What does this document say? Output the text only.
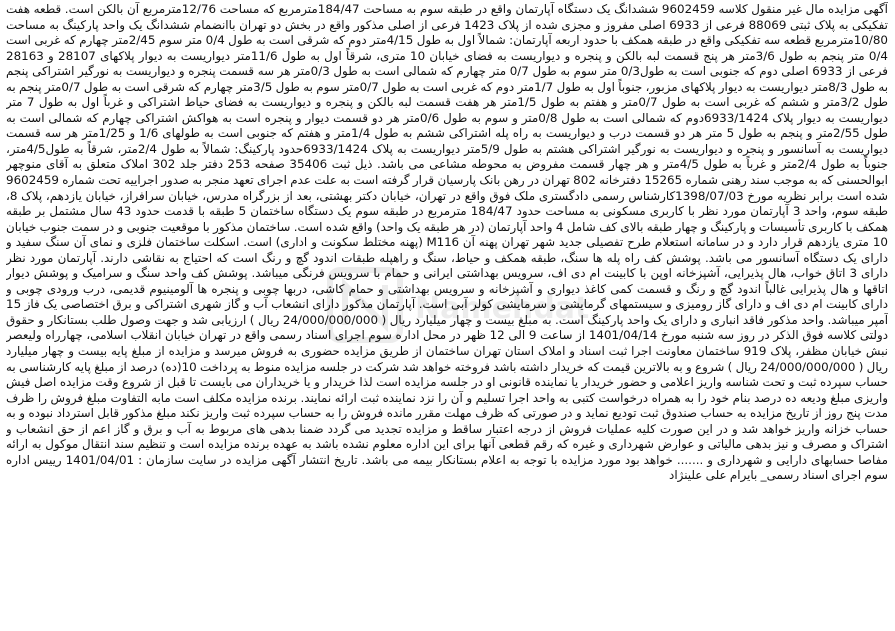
آگهی مزایده مال غیر منقول کلاسه 9602459 ششدانگ یک دستگاه آپارتمان واقع در طبقه سوم به مساحت 184/47مترمربع که مساحت 12/76مترمربع آن بالکن است. قطعه هفت تفکیکی به پلاک ثبتی 88069 فرعی از 6933 اصلی مفروز و مجزی شده از پلاک 1423 فرعی از اصلی مذکور واقع در بخش دو تهران باانضمام ششدانگ یک واحد پارکینگ به مساحت 10/80مترمربع قطعه سه تفکیکی واقع در طبقه همکف با حدود اربعه آپارتمان: شمالاً اول به طول 4/15متر دوم که شرقی است به طول 0/4 متر سوم 2/45متر چهارم که غربی است 0/4 متر پنجم به طول 3/6متر هر پنج قسمت لبه بالکن و پنجره و دیواریست به فضای خیابان 10 متری، شرقاً اول به طول 11/6متر دیواریست به دیوار پلاکهای 28107 و 28163 فرعی از 6933 اصلی دوم که جنوبی است به طول0/3 متر سوم به طول 0/7 متر چهارم که شمالی است به طول 0/3متر هر سه قسمت پنجره و دیواریست به نورگیر اشتراکی پنجم به طول 8/3متر دیواریست به دیوار پلاکهای مزبور، جنوباً اول به طول 1/7متر دوم که غربی است به طول 0/7متر سوم به طول 3/5متر چهارم که شرقی است به طول 0/7متر پنجم به طول 3/2متر و ششم که غربی است به طول 0/7متر و هفتم به طول 1/5متر هر هفت قسمت لبه بالکن و پنجره و دیواریست به فضای حیاط اشتراکی و غرباً اول به طول 7 متر دیواریست به دیوار پلاک 6933/1424دوم که شمالی است به طول 0/8متر و سوم به طول 0/6متر هر دو قسمت دیوار و پنجره است به هواکش اشتراکی چهارم که شمالی است به طول 2/55متر و پنجم به طول 5 متر هر دو قسمت درب و دیواریست به راه پله اشتراکی ششم به طول 1/4متر و هفتم که جنوبی است به طولهای 1/6 و 1/25متر هر سه قسمت دیواریست به آسانسور و پنجره و دیواریست به نورگیر اشتراکی هشتم به طول 5/9متر دیواریست به پلاک 6933/1424حدود پارکینگ: شمالاً به طول 2/4متر، شرقاً به طول4/5متر، جنوباً به طول 2/4متر و غرباً به طول 4/5متر و هر چهار قسمت مفروض به محوطه مشاعی می باشد. ذیل ثبت 35406 صفحه 253 دفتر جلد 302 املاک متعلق به آقای منوچهر ابوالحسنی که به موجب سند رهنی شماره 15265 دفترخانه 802 تهران در رهن بانک پارسیان قرار گرفته است به علت عدم اجرای تعهد منجر به صدور اجراییه تحت شماره 9602459 شده است برابر نظریه مورخ 1398/07/03کارشناس رسمی دادگستری ملک فوق واقع در تهران، خیابان دکتر بهشتی، بعد از بزرگراه مدرس، خیابان سرافراز، خیابان یازدهم، پلاک 8، طبقه سوم، واحد 3 آپارتمان مورد نظر با کاربری مسکونی به مساحت حدود 184/47 مترمربع در طبقه سوم یک دستگاه ساختمان 5 طبقه با قدمت حدود 43 سال مشتمل بر طبقه همکف با کاربری تأسیسات و پارکینگ و چهار طبقه بالای کف شامل 4 واحد آپارتمان (در هر طبقه یک واحد) واقع شده است. ساختمان مذکور با موقعیت جنوبی و در سمت جنوب خیابان 10 متری یازدهم قرار دارد و در سامانه استعلام طرح تفصیلی جدید شهر تهران پهنه آن M116 (پهنه مختلط سکونت و اداری) است. اسکلت ساختمان فلزی و نمای آن سنگ سفید و دارای یک دستگاه آسانسور می باشد. پوشش کف راه پله ها سنگ، طبقه همکف و حیاط، سنگ و راهپله طبقات اندود گچ و رنگ است که احتیاج به نقاشی دارند. آپارتمان مورد نظر دارای 3 اتاق خواب، هال پذیرایی، آشپزخانه اوپن با کابینت ام دی اف، سرویس بهداشتی ایرانی و حمام با سرویس فرنگی میباشد. پوشش کف واحد سنگ و سرامیک و پوشش دیوار اتاقها و هال پذیرایی غالباً اندود گچ و رنگ و قسمت کمی کاغذ دیواری و آشپزخانه و سرویس بهداشتی و حمام کاشی، دربها چوبی و پنجره ها آلومینیوم قدیمی، درب ورودی چوبی و دارای کابینت ام دی اف و دارای گاز رومیزی و سیستمهای گرمایشی و سرمایشی کولر آبی است. آپارتمان مذکور دارای انشعاب آب و گاز شهری اشتراکی و برق اختصاصی یک فاز 15 آمپر میباشد. واحد مذکور فاقد انباری و دارای یک واحد پارکینگ است. به مبلغ بیست و چهار میلیارد ریال ( 24/000/000/000 ریال ) ارزیابی شد و جهت وصول طلب بستانکار و حقوق دولتی کلاسه فوق الذکر در روز سه شنبه مورخ 1401/04/14 از ساعت 9 الی 12 ظهر در محل اداره سوم اجرای اسناد رسمی واقع در تهران خیابان انقلاب اسلامی، چهارراه ولیعصر نبش خیابان مظفر، پلاک 919 ساختمان معاونت اجرا ثبت اسناد و املاک استان تهران ساختمان از طریق مزایده حضوری به فروش میرسد و مزایده از مبلغ پایه بیست و چهار میلیارد ریال ( 24/000/000/000 ریال ) شروع و به بالاترین قیمت که خریدار داشته باشد فروخته خواهد شد شرکت در جلسه مزایده منوط به پرداخت 10(ده) درصد از مبلغ پایه کارشناسی به حساب سپرده ثبت و تحت شناسه واریز اعلامی و حضور خریدار یا نماینده قانونی او در جلسه مزایده است لذا خریدار و یا خریداران می بایست تا قبل از شروع وقت مزایده اصل فیش واریزی مبلغ ودیعه ده درصد بنام خود را به همراه درخواست کتبی به واحد اجرا تسلیم و آن را نزد نماینده ثبت ارائه نمایند. برنده مزایده مکلف است مابه التفاوت مبلغ فروش را ظرف مدت پنج روز از تاریخ مزایده به حساب صندوق ثبت تودیع نماید و در صورتی که ظرف مهلت مقرر مانده فروش را به حساب سپرده ثبت واریز نکند مبلغ مذکور قابل استرداد نبوده و به حساب خزانه واریز خواهد شد و در این صورت کلیه عملیات فروش از درجه اعتبار ساقط و مزایده تجدید می گردد ضمنا بدهی های مربوط به آب و برق و گاز اعم از حق انشعاب و اشتراک و مصرف و نیز بدهی مالیاتی و عوارض شهرداری و غیره که رقم قطعی آنها برای این اداره معلوم نشده باشد به عهده برنده مزایده است و تنظیم سند انتقال موکول به ارائه مفاصا حسابهای دارایی و شهرداری و ....... خواهد بود مورد مزایده با توجه به اعلام بستانکار بیمه می باشد. تاریخ انتشار آگهی مزایده در سایت سازمان : 1401/04/01 رییس اداره سوم اجرای اسناد رسمی_ بایرام علی علینژاد

Namehdat
